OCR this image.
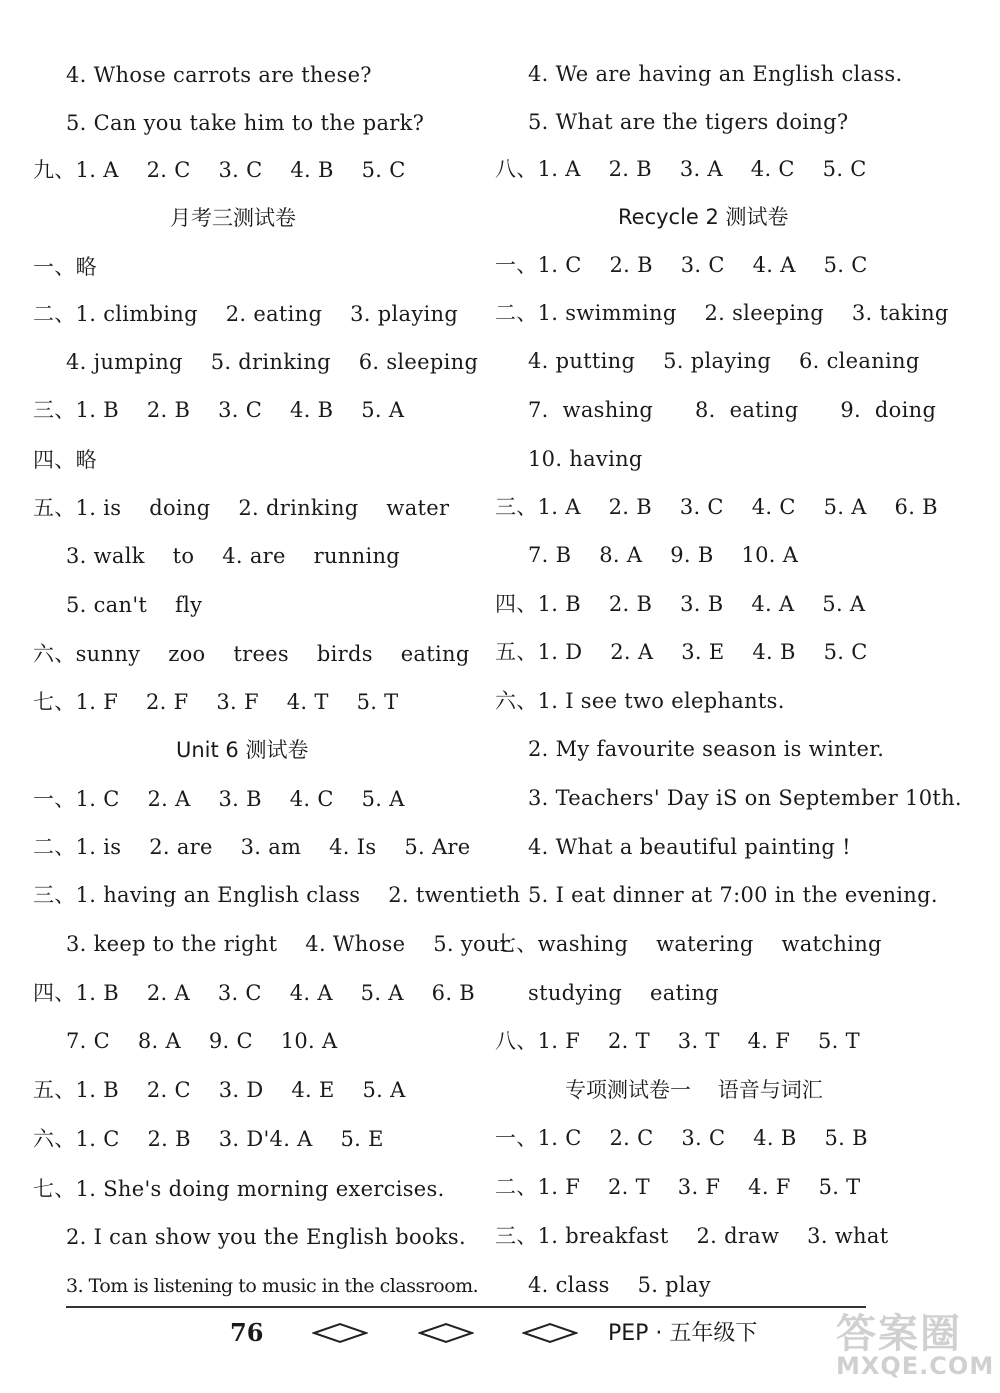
4. Whose carrots are these?
5. Can you take him to the park?
九、1. A    2. C    3. C    4. B    5. C
月考三测试卷
一、略
二、1. climbing    2. eating    3. playing
4. jumping    5. drinking    6. sleeping
三、1. B    2. B    3. C    4. B    5. A
四、略
五、1. is    doing    2. drinking    water
3. walk    to    4. are    running
5. can't    fly
六、sunny    zoo    trees    birds    eating
七、1. F    2. F    3. F    4. T    5. T
Unit 6 测试卷
一、1. C    2. A    3. B    4. C    5. A
二、1. is    2. are    3. am    4. Is    5. Are
三、1. having an English class    2. twentieth
3. keep to the right    4. Whose    5. your
四、1. B    2. A    3. C    4. A    5. A    6. B
7. C    8. A    9. C    10. A
五、1. B    2. C    3. D    4. E    5. A
六、1. C    2. B    3. D'4. A    5. E
七、1. She's doing morning exercises.
2. I can show you the English books.
3. Tom is listening to music in the classroom.
4. We are having an English class.
5. What are the tigers doing?
八、1. A    2. B    3. A    4. C    5. C
Recycle 2 测试卷
一、1. C    2. B    3. C    4. A    5. C
二、1. swimming    2. sleeping    3. taking
4. putting    5. playing    6. cleaning
7.  washing      8.  eating      9.  doing
10. having
三、1. A    2. B    3. C    4. C    5. A    6. B
7. B    8. A    9. B    10. A
四、1. B    2. B    3. B    4. A    5. A
五、1. D    2. A    3. E    4. B    5. C
六、1. I see two elephants.
2. My favourite season is winter.
3. Teachers' Day iS on September 10th.
4. What a beautiful painting !
5. I eat dinner at 7:00 in the evening.
七、washing    watering    watching
studying    eating
八、1. F    2. T    3. T    4. F    5. T
专项测试卷一    语音与词汇
一、1. C    2. C    3. C    4. B    5. B
二、1. F    2. T    3. F    4. F    5. T
三、1. breakfast    2. draw    3. what
4. class    5. play
76	PEP · 五年级下 答案圈
MXQE.COM
